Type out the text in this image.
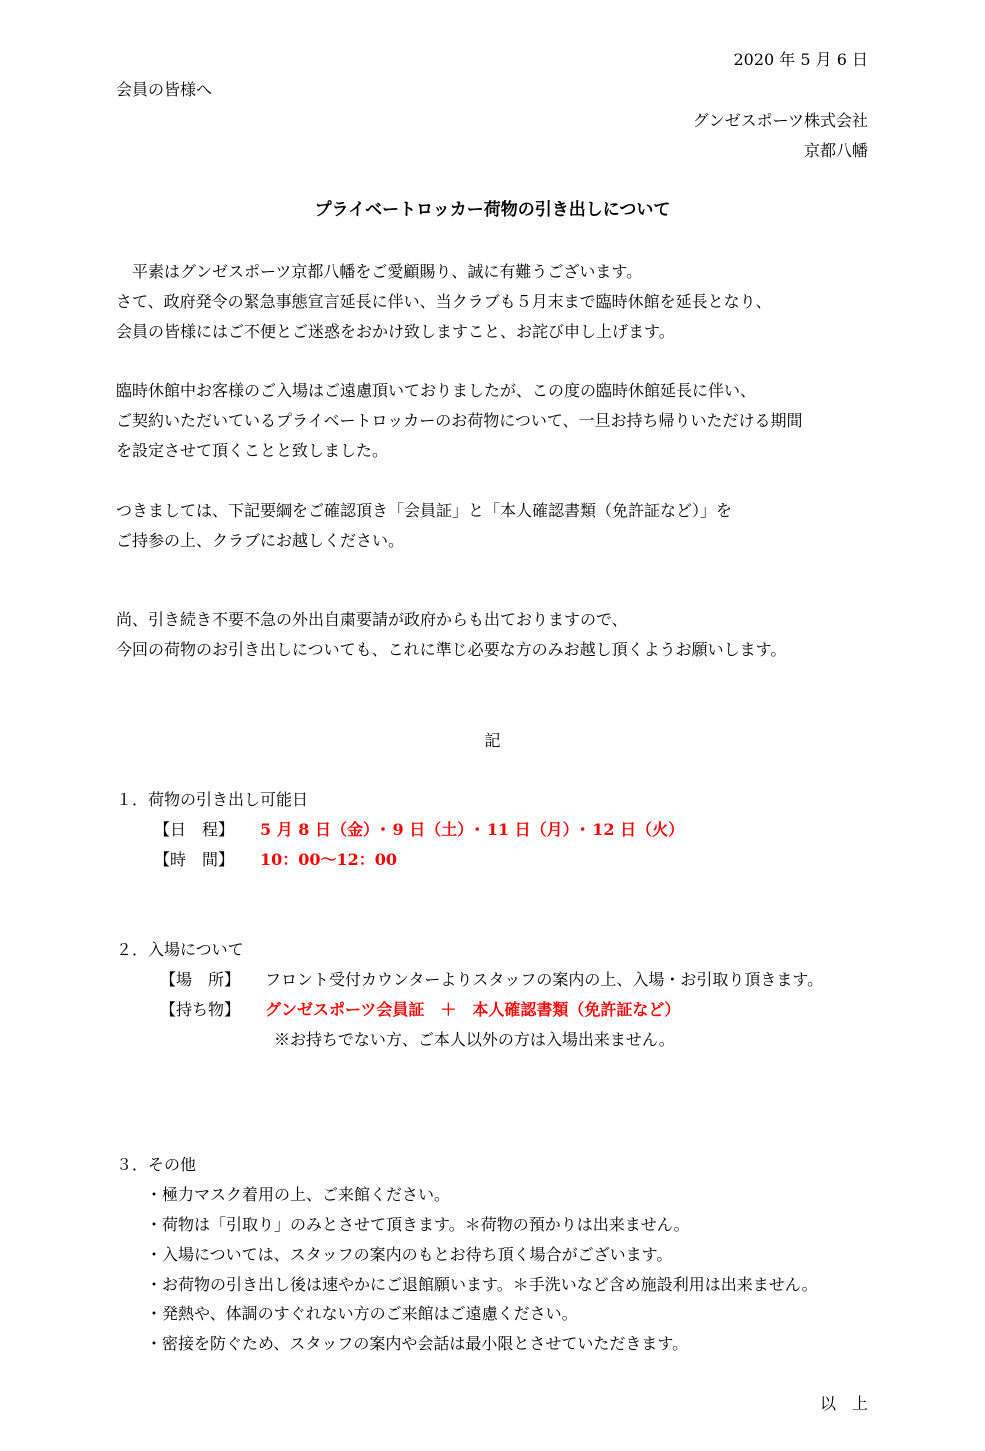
2020 年 5 月 6 日
会員の皆様へ
グンゼスポーツ株式会社
京都八幡
プライベートロッカー荷物の引き出しについて
平素はグンゼスポーツ京都八幡をご愛顧賜り、誠に有難うございます。
さて、政府発令の緊急事態宣言延長に伴い、当クラブも５月末まで臨時休館を延長となり、
会員の皆様にはご不便とご迷惑をおかけ致しますこと、お詫び申し上げます。
臨時休館中お客様のご入場はご遠慮頂いておりましたが、この度の臨時休館延長に伴い、
ご契約いただいているプライベートロッカーのお荷物について、一旦お持ち帰りいただける期間
を設定させて頂くことと致しました。
つきましては、下記要綱をご確認頂き「会員証」と「本人確認書類（免許証など）」を
ご持参の上、クラブにお越しください。
尚、引き続き不要不急の外出自粛要請が政府からも出ておりますので、
今回の荷物のお引き出しについても、これに準じ必要な方のみお越し頂くようお願いします。
記
１．荷物の引き出し可能日
【日　程】 5 月 8 日（金）･ 9 日（土）･ 11 日（月）･ 12 日（火）
【時　間】 10：00〜12：00
２．入場について
【場　所】 フロント受付カウンターよりスタッフの案内の上、入場・お引取り頂きます。
【持ち物】 グンゼスポーツ会員証　＋　本人確認書類（免許証など）
※お持ちでない方、ご本人以外の方は入場出来ません。
３．その他
・極力マスク着用の上、ご来館ください。
・荷物は「引取り」のみとさせて頂きます。＊荷物の預かりは出来ません。
・入場については、スタッフの案内のもとお待ち頂く場合がございます。
・お荷物の引き出し後は速やかにご退館願います。＊手洗いなど含め施設利用は出来ません。
・発熱や、体調のすぐれない方のご来館はご遠慮ください。
・密接を防ぐため、スタッフの案内や会話は最小限とさせていただきます。
以　上
